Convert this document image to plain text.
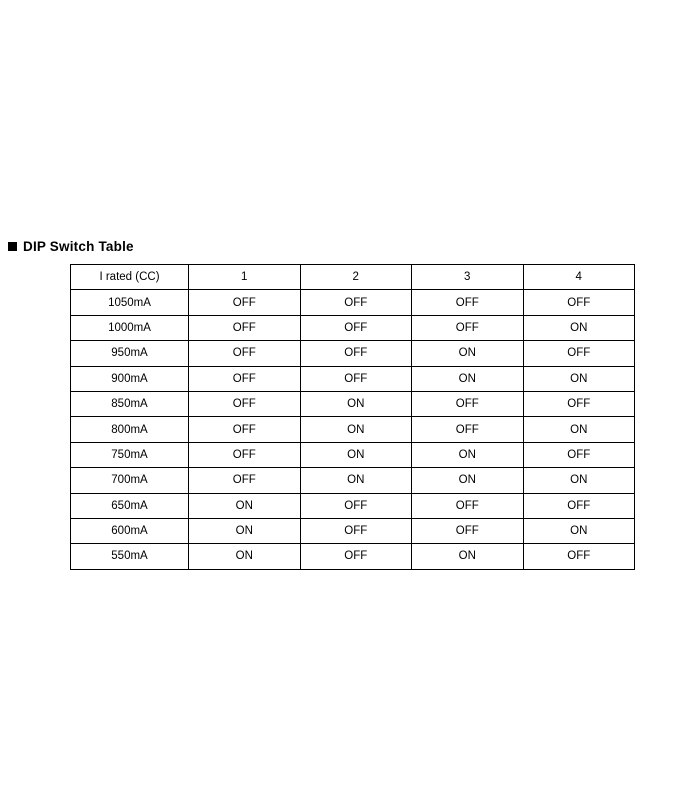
DIP Switch Table
I rated (CC)	1	2	3	4
1050mA	OFF	OFF	OFF	OFF
1000mA	OFF	OFF	OFF	ON
950mA	OFF	OFF	ON	OFF
900mA	OFF	OFF	ON	ON
850mA	OFF	ON	OFF	OFF
800mA	OFF	ON	OFF	ON
750mA	OFF	ON	ON	OFF
700mA	OFF	ON	ON	ON
650mA	ON	OFF	OFF	OFF
600mA	ON	OFF	OFF	ON
550mA	ON	OFF	ON	OFF
